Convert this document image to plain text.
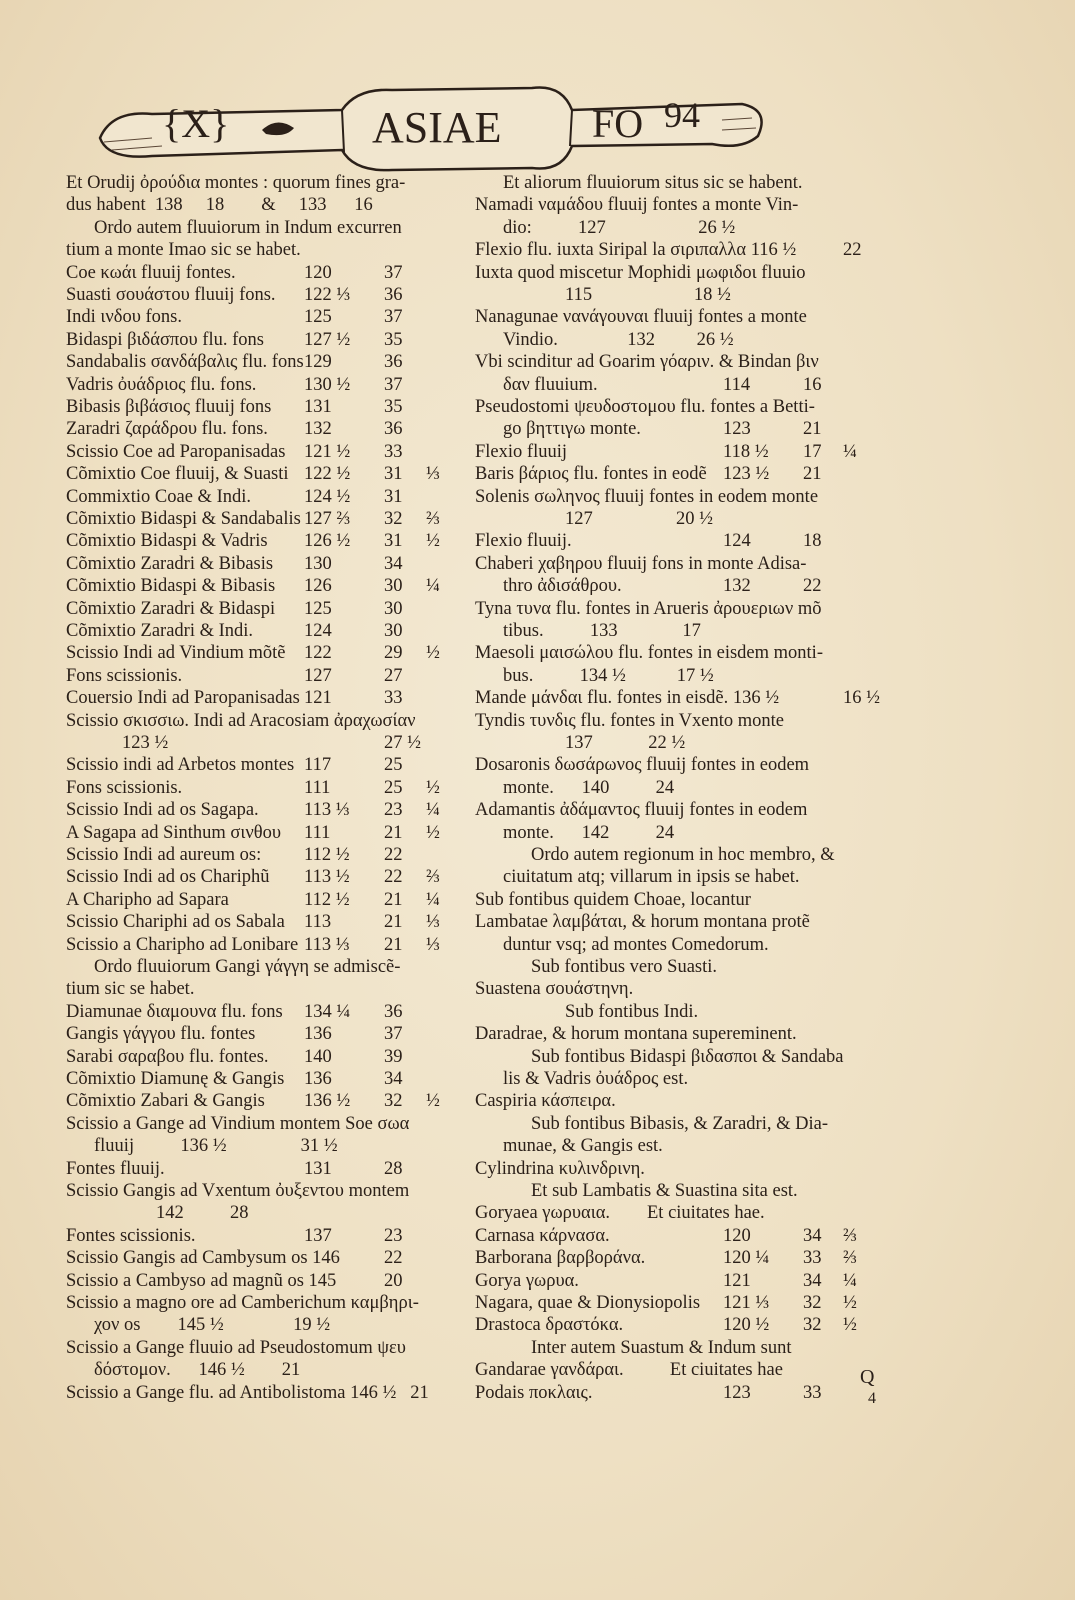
{X}	ASIAE FO 94
Et Orudij ὀρούδια montes : quorum fines gra-
dus habent  138     18        &     133      16
Ordo autem fluuiorum in Indum excurren
tium a monte Imao sic se habet.
Coe κωάι fluuij fontes.	120	37
Suasti σουάστου fluuij fons. 122 ⅓ 36
Indi ινδου fons.	125	37
Bidaspi βιδάσπου flu. fons 127 ½ 35
Sandabalis σανδάβαλις flu. fons 129	36
Vadris ὀυάδριος flu. fons.	130 ½ 37
Bibasis βιβάσιος fluuij fons 131	35
Zaradri ζαράδρου flu. fons. 132	36
Scissio Coe ad Paropanisadas 121 ½ 33
Cõmixtio Coe fluuij, & Suasti 122 ½ 31 ⅓
Commixtio Coae & Indi.	124 ½ 31
Cõmixtio Bidaspi & Sandabalis 127 ⅔ 32 ⅔
Cõmixtio Bidaspi & Vadris 126 ½ 31 ½
Cõmixtio Zaradri & Bibasis 130	34
Cõmixtio Bidaspi & Bibasis 126	30 ¼
Cõmixtio Zaradri & Bidaspi 125	30
Cõmixtio Zaradri & Indi.	124	30
Scissio Indi ad Vindium mõtẽ 122	29 ½
Fons scissionis.	127	27
Couersio Indi ad Paropanisadas 121	33
Scissio σκισσιω. Indi ad Aracosiam ἀραχωσίαν
123 ½	27 ½
Scissio indi ad Arbetos montes 117	25
Fons scissionis.	111	25 ½
Scissio Indi ad os Sagapa. 113 ⅓ 23 ¼
A Sagapa ad Sinthum σινθου 111	21 ½
Scissio Indi ad aureum os: 112 ½ 22
Scissio Indi ad os Chariphũ 113 ½ 22 ⅔
A Charipho ad Sapara	112 ½ 21 ¼
Scissio Chariphi ad os Sabala 113	21 ⅓
Scissio a Charipho ad Lonibare 113 ⅓ 21 ⅓
Ordo fluuiorum Gangi γάγγη se admiscẽ-
tium sic se habet.
Diamunae διαμουνα flu. fons 134 ¼ 36
Gangis γάγγου flu. fontes	136	37
Sarabi σαραβου flu. fontes. 140	39
Cõmixtio Diamunę & Gangis 136	34
Cõmixtio Zabari & Gangis 136 ½ 32 ½
Scissio a Gange ad Vindium montem Soe σωα
fluuij          136 ½                31 ½
Fontes fluuij.	131	28
Scissio Gangis ad Vxentum ὀυξεντου montem
142          28
Fontes scissionis.	137	23
Scissio Gangis ad Cambysum os 146 22
Scissio a Cambyso ad magnũ os 145	20
Scissio a magno ore ad Camberichum καμβηρι-
χον os        145 ½               19 ½
Scissio a Gange fluuio ad Pseudostomum ψευ
δόστομον.      146 ½        21
Scissio a Gange flu. ad Antibolistoma 146 ½   21
Et aliorum fluuiorum situs sic se habent.
Namadi ναμάδου fluuij fontes a monte Vin-
dio:          127                    26 ½
Flexio flu. iuxta Siripal la σιριπαλλα 116 ½	22
Iuxta quod miscetur Mophidi μωφιδοι fluuio
115                      18 ½
Nanagunae νανάγουναι fluuij fontes a monte
Vindio.               132         26 ½
Vbi scinditur ad Goarim γόαριν. & Bindan βιν
δαν fluuium.	114	16
Pseudostomi ψευδοστομου flu. fontes a Betti-
go βηττιγω monte.	123	21
Flexio fluuij	118 ½ 17 ¼
Baris βάριος flu. fontes in eodẽ 123 ½ 21
Solenis σωληνος fluuij fontes in eodem monte
127                  20 ½
Flexio fluuij.	124	18
Chaberi χαβηρου fluuij fons in monte Adisa-
thro ἀδισάθρου.	132	22
Tyna τυνα flu. fontes in Arueris ἀρουεριων mõ
tibus.          133              17
Maesoli μαισώλου flu. fontes in eisdem monti-
bus.          134 ½           17 ½
Mande μάνδαι flu. fontes in eisdẽ. 136 ½	16 ½
Tyndis τυνδις flu. fontes in Vxento monte
137            22 ½
Dosaronis δωσάρωνος fluuij fontes in eodem
monte.      140          24
Adamantis ἀδάμαντος fluuij fontes in eodem
monte.      142          24
Ordo autem regionum in hoc membro, &
ciuitatum atq; villarum in ipsis se habet.
Sub fontibus quidem Choae, locantur
Lambatae λαμβάται, & horum montana protẽ
duntur vsq; ad montes Comedorum.
Sub fontibus vero Suasti.
Suastena σουάστηνη.
Sub fontibus Indi.
Daradrae, & horum montana supereminent.
Sub fontibus Bidaspi βιδασποι & Sandaba
lis & Vadris ὀυάδρος est.
Caspiria κάσπειρα.
Sub fontibus Bibasis, & Zaradri, & Dia-
munae, & Gangis est.
Cylindrina κυλινδρινη.
Et sub Lambatis & Suastina sita est.
Goryaea γωρυαια.        Et ciuitates hae.
Carnasa κάρνασα.	120	34 ⅔
Barborana βαρβοράνα.	120 ¼ 33 ⅔
Gorya γωρυα.	121	34 ¼
Nagara, quae & Dionysiopolis 121 ⅓ 32 ½
Drastoca δραστόκα.	120 ½ 32 ½
Inter autem Suastum & Indum sunt
Gandarae γανδάραι.          Et ciuitates hae
Podais ποκλαις.	123	33
Q
4
